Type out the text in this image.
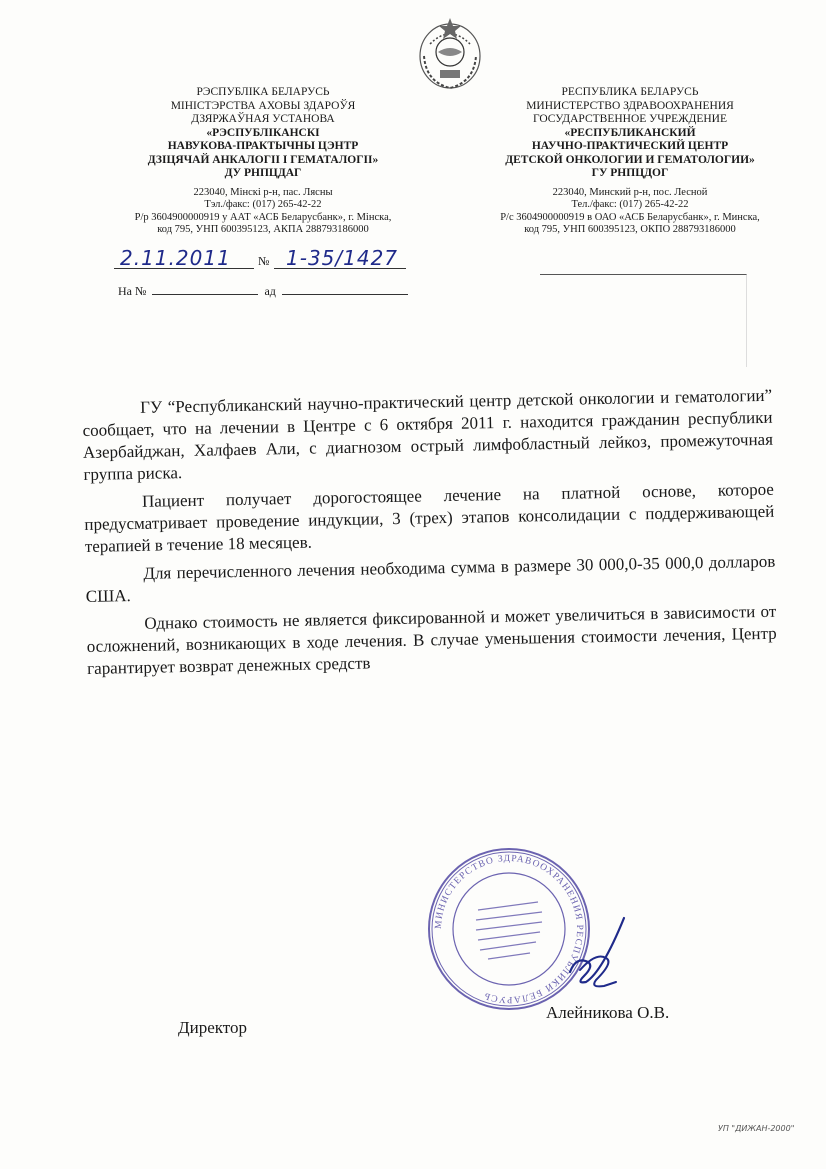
РЭСПУБЛІКА БЕЛАРУСЬ
МІНІСТЭРСТВА АХОВЫ ЗДАРОЎЯ
ДЗЯРЖАЎНАЯ УСТАНОВА
«РЭСПУБЛІКАНСКІ
НАВУКОВА-ПРАКТЫЧНЫ ЦЭНТР
ДЗІЦЯЧАЙ АНКАЛОГІІ І ГЕМАТАЛОГІІ»
ДУ РНПЦДАГ
223040, Мінскі р-н, пас. Лясны
Тэл./факс: (017) 265-42-22
Р/р 3604900000919 у ААТ «АСБ Беларусбанк», г. Мінска,
код 795, УНП 600395123, АКПА 288793186000
РЕСПУБЛИКА БЕЛАРУСЬ
МИНИСТЕРСТВО ЗДРАВООХРАНЕНИЯ
ГОСУДАРСТВЕННОЕ УЧРЕЖДЕНИЕ
«РЕСПУБЛИКАНСКИЙ
НАУЧНО-ПРАКТИЧЕСКИЙ ЦЕНТР
ДЕТСКОЙ ОНКОЛОГИИ И ГЕМАТОЛОГИИ»
ГУ РНПЦДОГ
223040, Минский р-н, пос. Лесной
Тел./факс: (017) 265-42-22
Р/с 3604900000919 в ОАО «АСБ Беларусбанк», г. Минска,
код 795, УНП 600395123, ОКПО 288793186000
2.11.2011 № 1-35/1427
На №	ад

ГУ “Республиканский научно-практический центр детской онкологии и гематологии” сообщает, что на лечении в Центре с 6 октября 2011 г. находится гражданин республики Азербайджан, Халфаев Али, с диагнозом острый лимфобластный лейкоз, промежуточная группа риска.

Пациент получает дорогостоящее лечение на платной основе, которое предусматривает проведение индукции, 3 (трех) этапов консолидации с поддерживающей терапией в течение 18 месяцев.

Для перечисленного лечения необходима сумма в размере 30 000,0-35 000,0 долларов США.

Однако стоимость не является фиксированной и может увеличиться в зависимости от осложнений, возникающих в ходе лечения. В случае уменьшения стоимости лечения, Центр гарантирует возврат денежных средств

МИНИСТЕРСТВО ЗДРАВООХРАНЕНИЯ РЕСПУБЛИКИ БЕЛАРУСЬ
Директор
Алейникова О.В.
УП "ДИЖАН-2000"
